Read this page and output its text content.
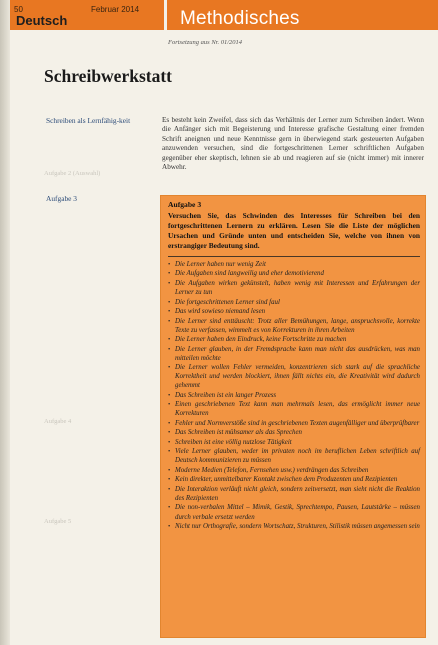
50
Deutsch
Februar 2014 Methodisches
Fortsetzung aus Nr. 01/2014
Schreibwerkstatt
Schreiben als Lernfähig-keit
Aufgabe 2 (Auswahl)
Aufgabe 3
Aufgabe 4
Aufgabe 5
Es besteht kein Zweifel, dass sich das Verhältnis der Lerner zum Schreiben ändert. Wenn die Anfänger sich mit Begeisterung und Interesse grafische Gestaltung einer fremden Schrift aneignen und neue Kenntnisse gern in überwiegend stark gesteuerten Aufgaben anzuwenden versuchen, sind die fortgeschrittenen Lerner schriftlichen Aufgaben gegenüber eher skeptisch, lehnen sie ab und reagieren auf sie (nicht immer) mit innerer Abwehr.
Aufgabe 3
Versuchen Sie, das Schwinden des Interesses für Schreiben bei den fortgeschrittenen Lernern zu erklären. Lesen Sie die Liste der möglichen Ursachen und Gründe unten und entscheiden Sie, welche von ihnen von erstrangiger Bedeutung sind.
• Die Lerner haben nur wenig Zeit
• Die Aufgaben sind langweilig und eher demotivierend
• Die Aufgaben wirken gekünstelt, haben wenig mit Interessen und Erfahrungen der Lerner zu tun
• Die fortgeschrittenen Lerner sind faul
• Das wird sowieso niemand lesen
• Die Lerner sind enttäuscht: Trotz aller Bemühungen, lange, anspruchsvolle, korrekte Texte zu verfassen, wimmelt es von Korrekturen in ihren Arbeiten
• Die Lerner haben den Eindruck, keine Fortschritte zu machen
• Die Lerner glauben, in der Fremdsprache kann man nicht das ausdrücken, was man mitteilen möchte
• Die Lerner wollen Fehler vermeiden, konzentrieren sich stark auf die sprachliche Korrektheit und werden blockiert, ihnen fällt nichts ein, die Kreativität wird dadurch gehemmt
• Das Schreiben ist ein langer Prozess
• Einen geschriebenen Text kann man mehrmals lesen, das ermöglicht immer neue Korrekturen
• Fehler und Normverstöße sind in geschriebenen Texten augenfälliger und überprüfbarer
• Das Schreiben ist mühsamer als das Sprechen
• Schreiben ist eine völlig nutzlose Tätigkeit
• Viele Lerner glauben, weder im privaten noch im beruflichen Leben schriftlich auf Deutsch kommunizieren zu müssen
• Moderne Medien (Telefon, Fernsehen usw.) verdrängen das Schreiben
• Kein direkter, unmittelbarer Kontakt zwischen dem Produzenten und Rezipienten
• Die Interaktion verläuft nicht gleich, sondern zeitversetzt, man sieht nicht die Reaktion des Rezipienten
• Die non-verbalen Mittel – Mimik, Gestik, Sprechtempo, Pausen, Lautstärke – müssen durch verbale ersetzt werden
• Nicht nur Orthografie, sondern Wortschatz, Strukturen, Stilistik müssen angemessen sein
